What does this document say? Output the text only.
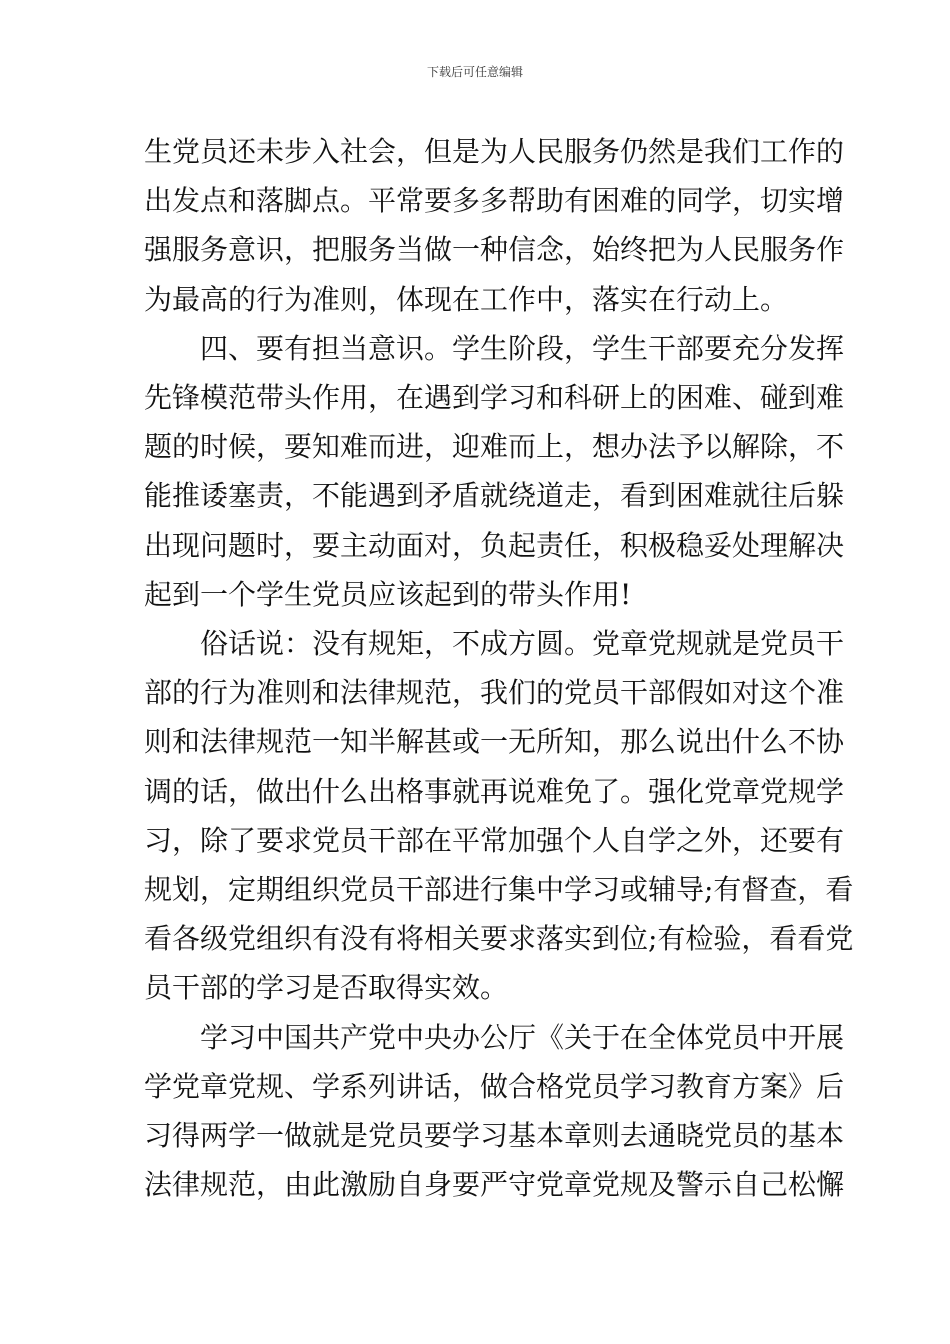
下载后可任意编辑
生党员还未步入社会，但是为人民服务仍然是我们工作的
出发点和落脚点。平常要多多帮助有困难的同学，切实增
强服务意识，把服务当做一种信念，始终把为人民服务作
为最高的行为准则，体现在工作中，落实在行动上。
四、要有担当意识。学生阶段，学生干部要充分发挥
先锋模范带头作用，在遇到学习和科研上的困难、碰到难
题的时候，要知难而进，迎难而上，想办法予以解除，不
能推诿塞责，不能遇到矛盾就绕道走，看到困难就往后躲
出现问题时，要主动面对，负起责任，积极稳妥处理解决
起到一个学生党员应该起到的带头作用!
俗话说：没有规矩，不成方圆。党章党规就是党员干
部的行为准则和法律规范，我们的党员干部假如对这个准
则和法律规范一知半解甚或一无所知，那么说出什么不协
调的话，做出什么出格事就再说难免了。强化党章党规学
习，除了要求党员干部在平常加强个人自学之外，还要有
规划，定期组织党员干部进行集中学习或辅导;有督查，看
看各级党组织有没有将相关要求落实到位;有检验，看看党
员干部的学习是否取得实效。
学习中国共产党中央办公厅《关于在全体党员中开展
学党章党规、学系列讲话，做合格党员学习教育方案》后
习得两学一做就是党员要学习基本章则去通晓党员的基本
法律规范，由此激励自身要严守党章党规及警示自己松懈
